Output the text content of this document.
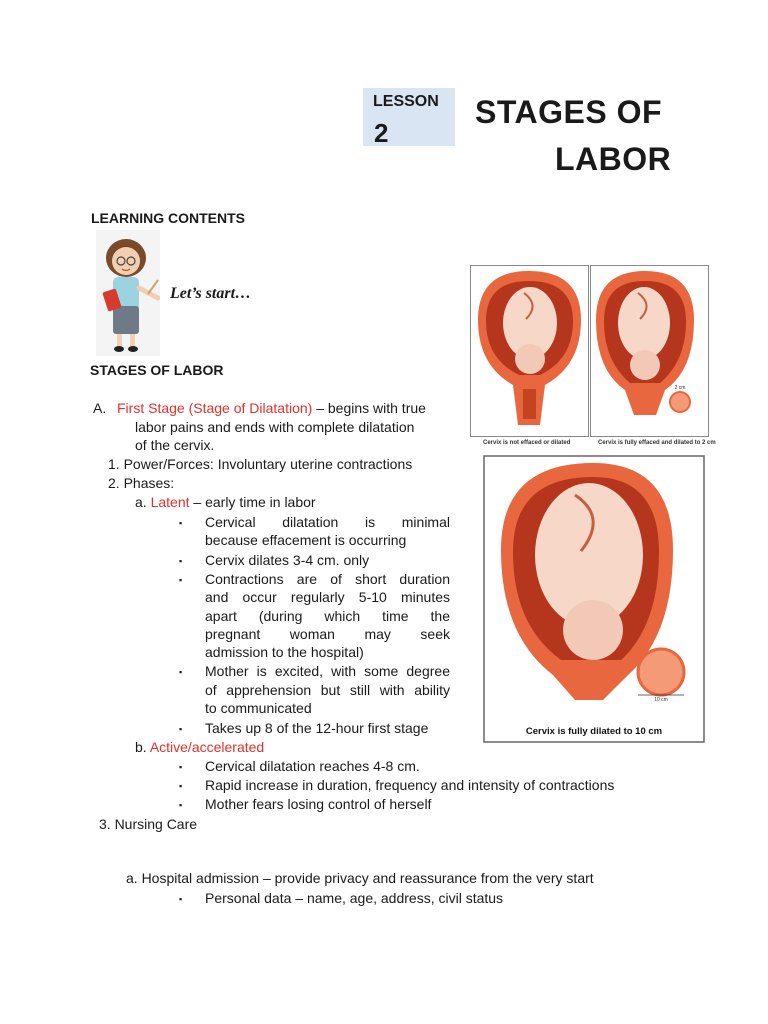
LESSON
2
STAGES OF
LABOR
LEARNING CONTENTS
Let’s start…
STAGES OF LABOR
A. First Stage (Stage of Dilatation) – begins with true
labor pains and ends with complete dilatation
of the cervix.
1. Power/Forces: Involuntary uterine contractions
2. Phases:
a. Latent – early time in labor
▪ Cervical dilatation is minimal
because effacement is occurring
▪ Cervix dilates 3-4 cm. only
▪ Contractions are of short duration
and occur regularly 5-10 minutes
apart (during which time the
pregnant woman may seek
admission to the hospital)
▪ Mother is excited, with some degree
of apprehension but still with ability
to communicated
▪ Takes up 8 of the 12-hour first stage
b. Active/accelerated
▪ Cervical dilatation reaches 4-8 cm.
▪ Rapid increase in duration, frequency and intensity of contractions
▪ Mother fears losing control of herself
3. Nursing Care
a. Hospital admission – provide privacy and reassurance from the very start
▪ Personal data – name, age, address, civil status
2 cm
Cervix is not effaced or dilated	Cervix is fully effaced and dilated to 2 cm
10 cm
Cervix is fully dilated to 10 cm
